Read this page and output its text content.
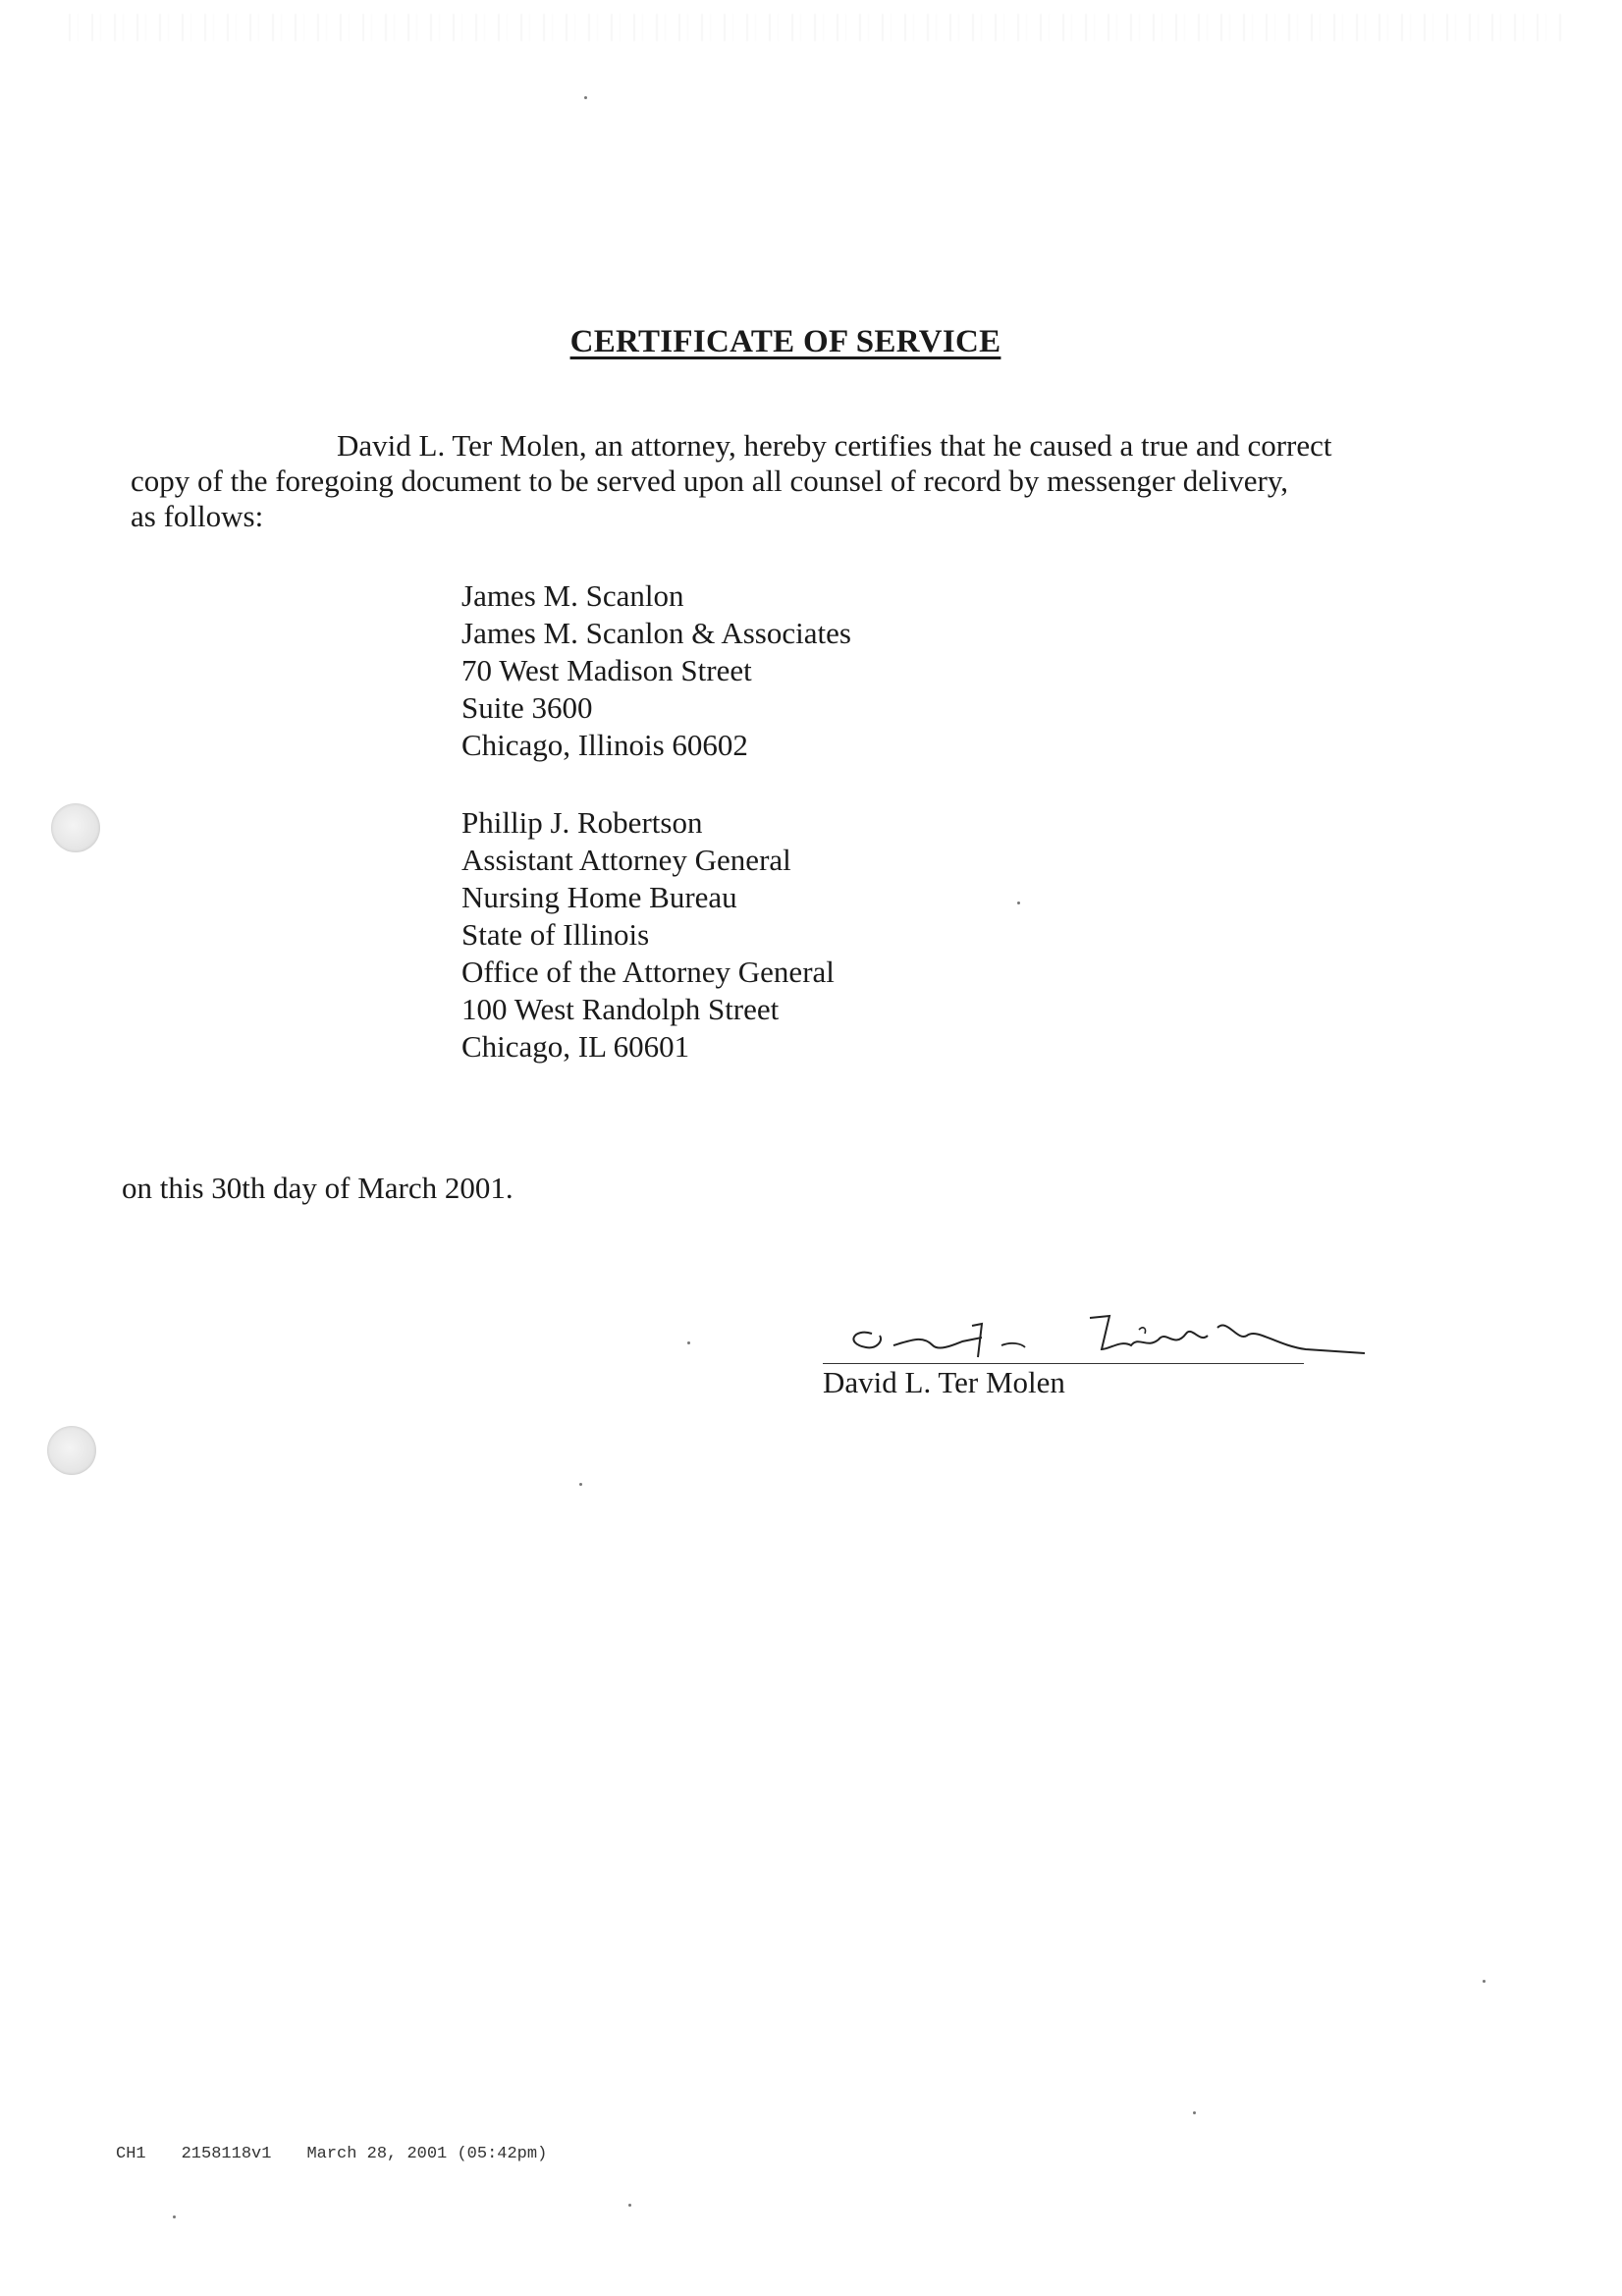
CERTIFICATE OF SERVICE
David L. Ter Molen, an attorney, hereby certifies that he caused a true and correct
copy of the foregoing document to be served upon all counsel of record by messenger delivery,
as follows:
James M. Scanlon
James M. Scanlon & Associates
70 West Madison Street
Suite 3600
Chicago, Illinois 60602
Phillip J. Robertson
Assistant Attorney General
Nursing Home Bureau
State of Illinois
Office of the Attorney General
100 West Randolph Street
Chicago, IL 60601
on this 30th day of March 2001.
David L. Ter Molen
CH1 2158118v1 March 28, 2001 (05:42pm)
